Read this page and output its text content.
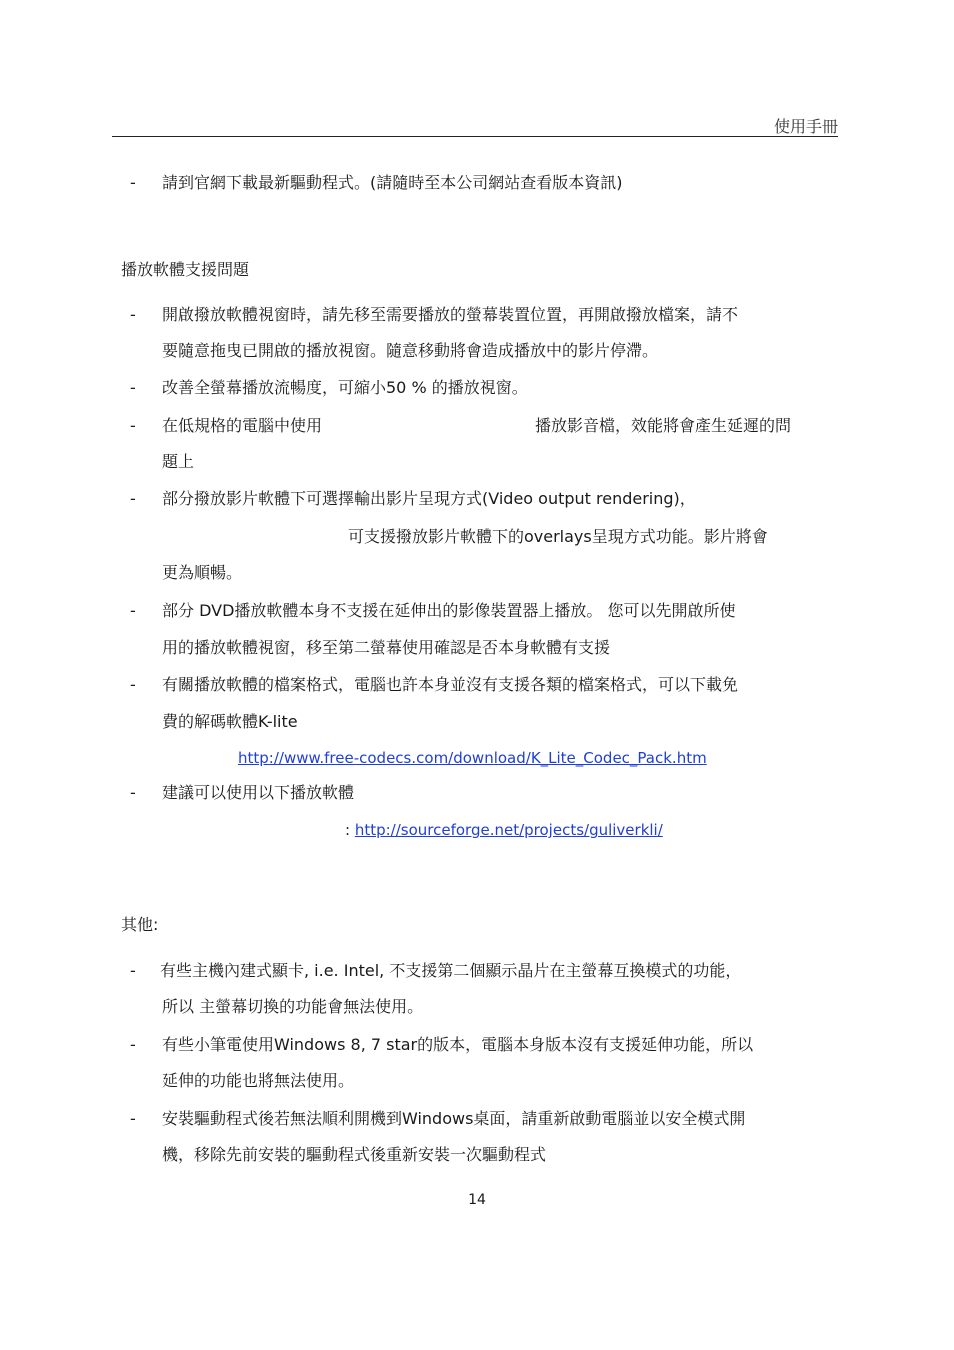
使用手冊
- 請到官網下載最新驅動程式。(請隨時至本公司網站查看版本資訊)
播放軟體支援問題
- 開啟撥放軟體視窗時，請先移至需要播放的螢幕裝置位置，再開啟撥放檔案，請不
要隨意拖曳已開啟的播放視窗。隨意移動將會造成播放中的影片停滯。
- 改善全螢幕播放流暢度，可縮小50 % 的播放視窗。
- 在低規格的電腦中使用	播放影音檔，效能將會產生延遲的問
題上
- 部分撥放影片軟體下可選擇輸出影片呈現方式(Video output rendering)，
可支援撥放影片軟體下的overlays呈現方式功能。影片將會
更為順暢。
- 部分 DVD播放軟體本身不支援在延伸出的影像裝置器上播放。 您可以先開啟所使
用的播放軟體視窗，移至第二螢幕使用確認是否本身軟體有支援
- 有關播放軟體的檔案格式，電腦也許本身並沒有支援各類的檔案格式，可以下載免
費的解碼軟體K-lite
http://www.free-codecs.com/download/K_Lite_Codec_Pack.htm
- 建議可以使用以下播放軟體
: http://sourceforge.net/projects/guliverkli/
其他:
- 有些主機內建式顯卡, i.e. Intel, 不支援第二個顯示晶片在主螢幕互換模式的功能，
所以 主螢幕切換的功能會無法使用。
- 有些小筆電使用Windows 8, 7 star的版本，電腦本身版本沒有支援延伸功能，所以
延伸的功能也將無法使用。
- 安裝驅動程式後若無法順利開機到Windows桌面，請重新啟動電腦並以安全模式開
機，移除先前安裝的驅動程式後重新安裝一次驅動程式
14
